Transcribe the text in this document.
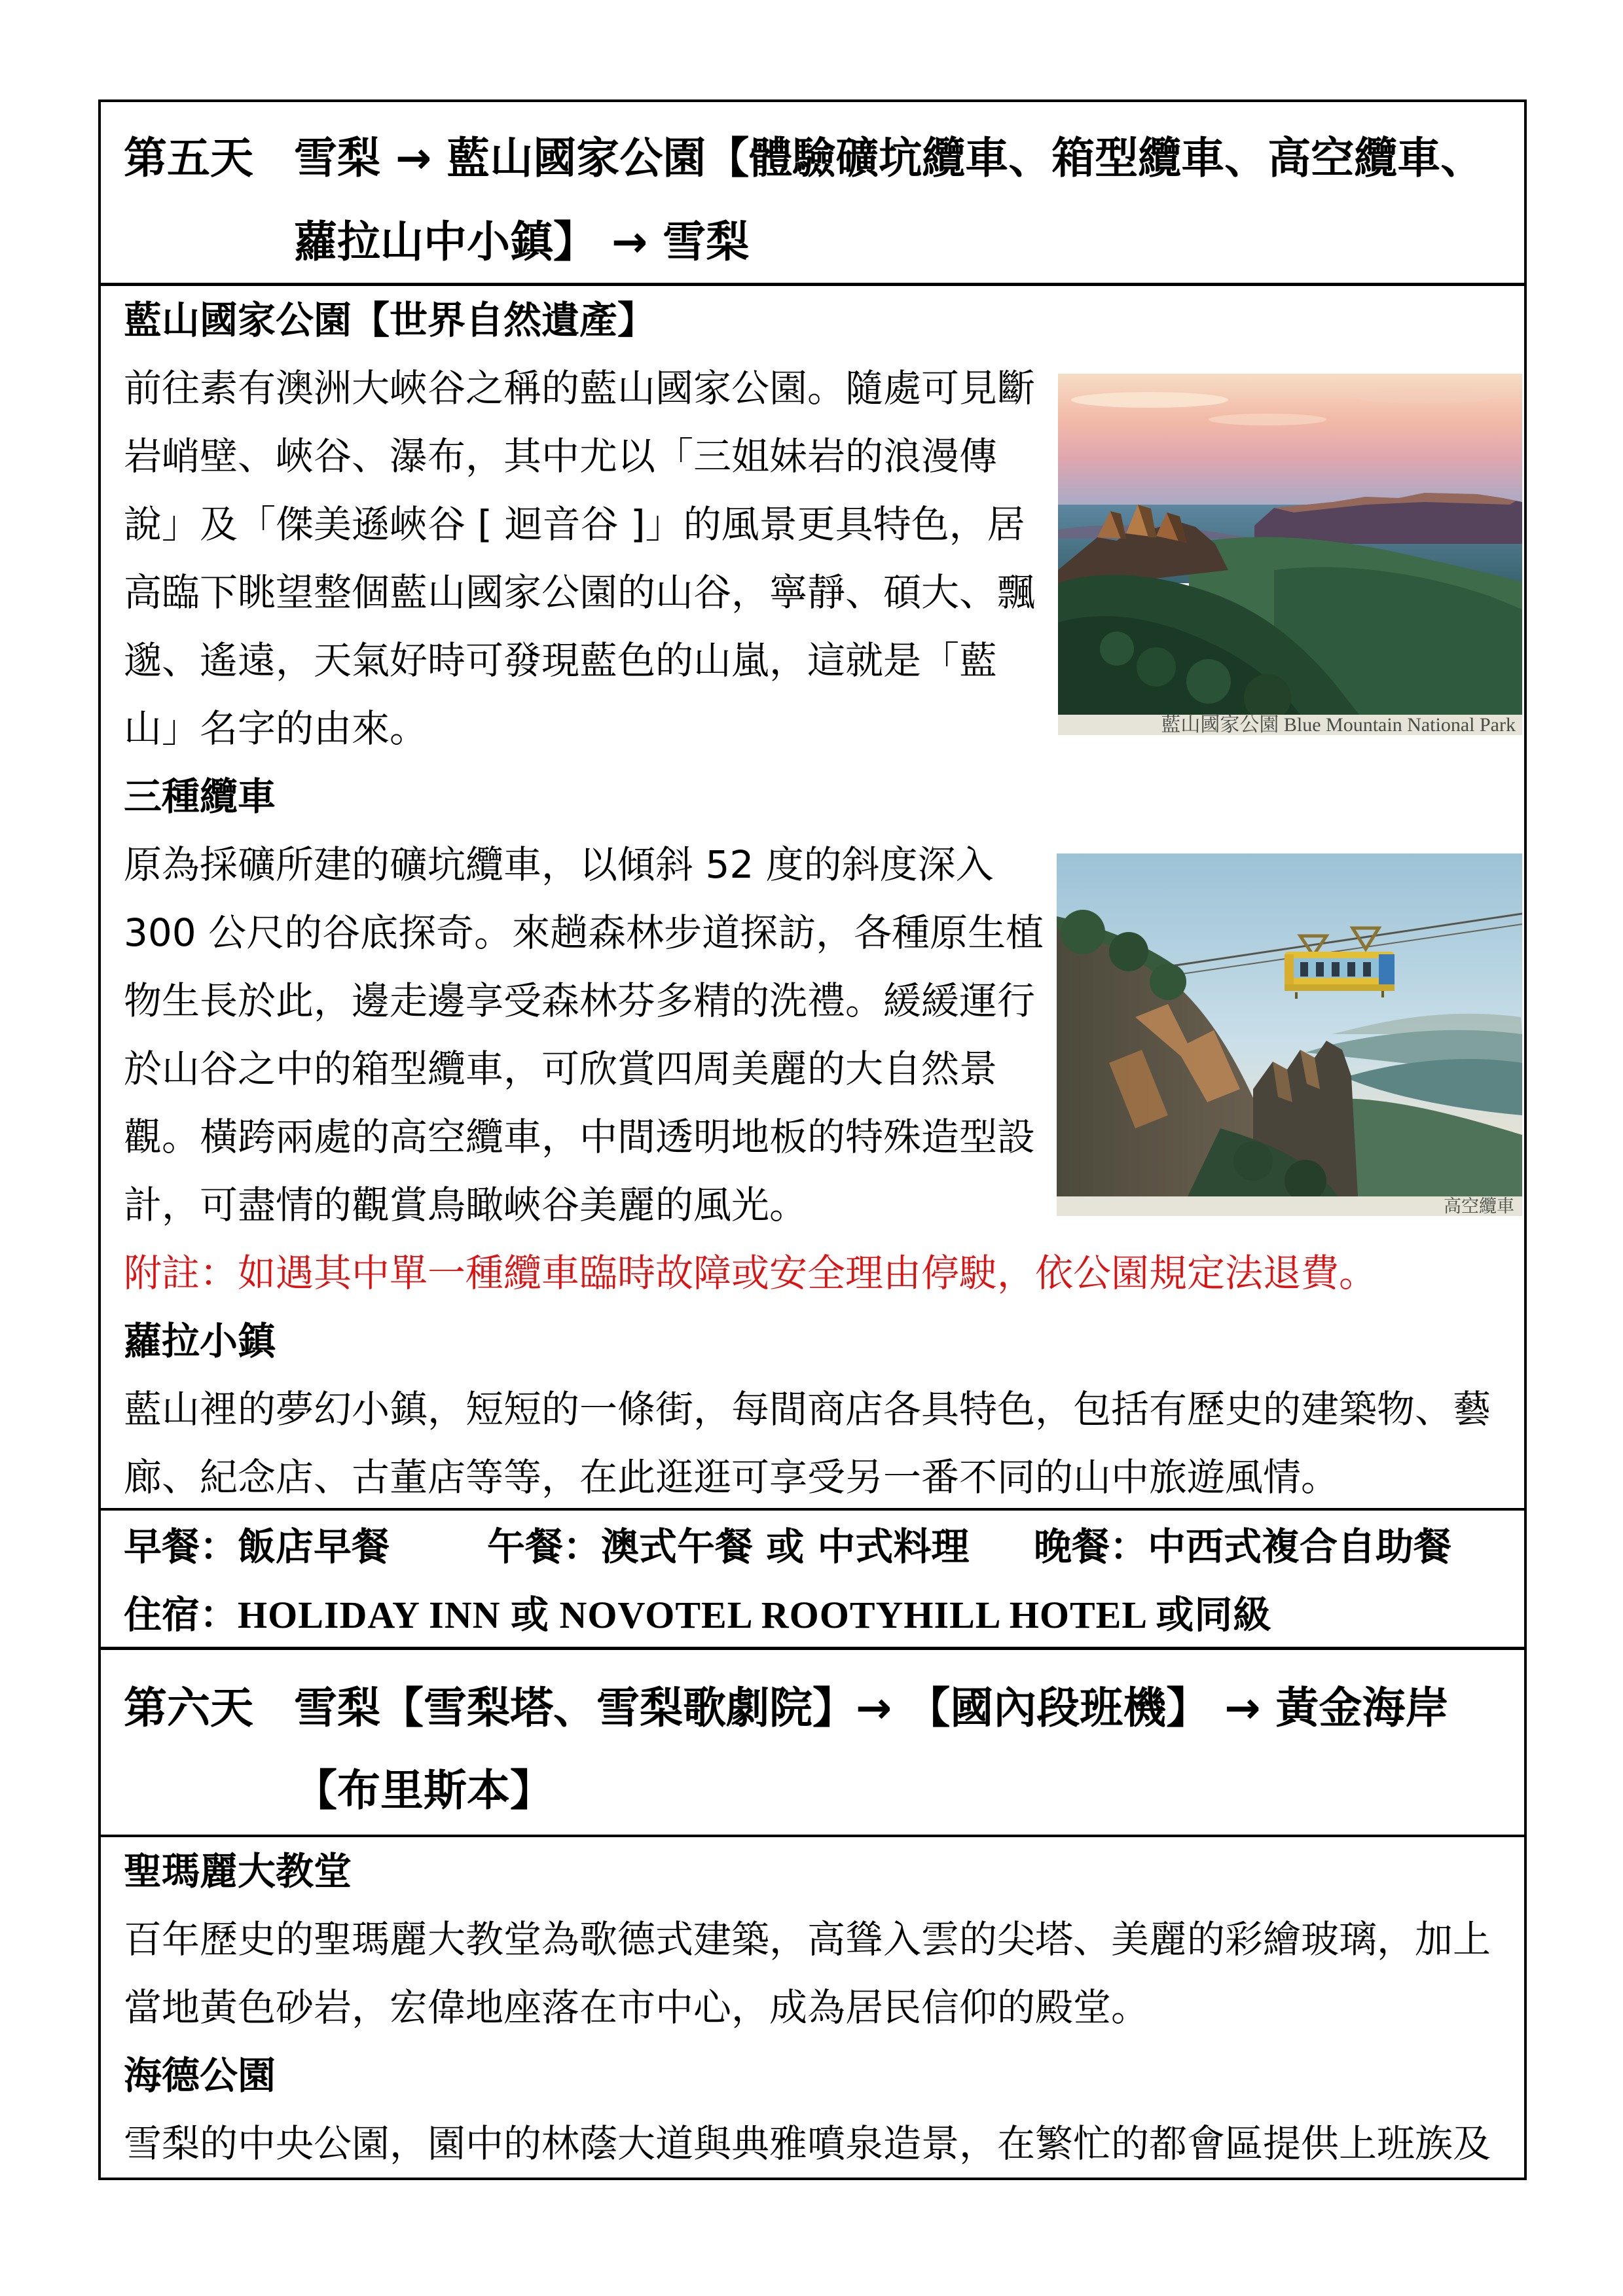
第五天 雪梨 → 藍山國家公園【體驗礦坑纜車、箱型纜車、高空纜車、
蘿拉山中小鎮】 → 雪梨
藍山國家公園【世界自然遺產】
前往素有澳洲大峽谷之稱的藍山國家公園。隨處可見斷
岩峭壁、峽谷、瀑布，其中尤以「三姐妹岩的浪漫傳
說」及「傑美遜峽谷 [ 迴音谷 ]」的風景更具特色，居
高臨下眺望整個藍山國家公園的山谷，寧靜、碩大、飄
邈、遙遠，天氣好時可發現藍色的山嵐，這就是「藍
山」名字的由來。
三種纜車
原為採礦所建的礦坑纜車，以傾斜 52 度的斜度深入
300 公尺的谷底探奇。來趟森林步道探訪，各種原生植
物生長於此，邊走邊享受森林芬多精的洗禮。緩緩運行
於山谷之中的箱型纜車，可欣賞四周美麗的大自然景
觀。橫跨兩處的高空纜車，中間透明地板的特殊造型設
計，可盡情的觀賞鳥瞰峽谷美麗的風光。
附註：如遇其中單一種纜車臨時故障或安全理由停駛，依公園規定法退費。
蘿拉小鎮
藍山裡的夢幻小鎮，短短的一條街，每間商店各具特色，包括有歷史的建築物、藝
廊、紀念店、古董店等等，在此逛逛可享受另一番不同的山中旅遊風情。
早餐：飯店早餐	午餐：澳式午餐 或 中式料理	晚餐：中西式複合自助餐
住宿：HOLIDAY INN 或 NOVOTEL ROOTYHILL HOTEL 或同級
第六天 雪梨【雪梨塔、雪梨歌劇院】→ 【國內段班機】 → 黃金海岸
【布里斯本】
聖瑪麗大教堂
百年歷史的聖瑪麗大教堂為歌德式建築，高聳入雲的尖塔、美麗的彩繪玻璃，加上
當地黃色砂岩，宏偉地座落在市中心，成為居民信仰的殿堂。
海德公園
雪梨的中央公園，園中的林蔭大道與典雅噴泉造景，在繁忙的都會區提供上班族及
藍山國家公園 Blue Mountain National Park
高空纜車
